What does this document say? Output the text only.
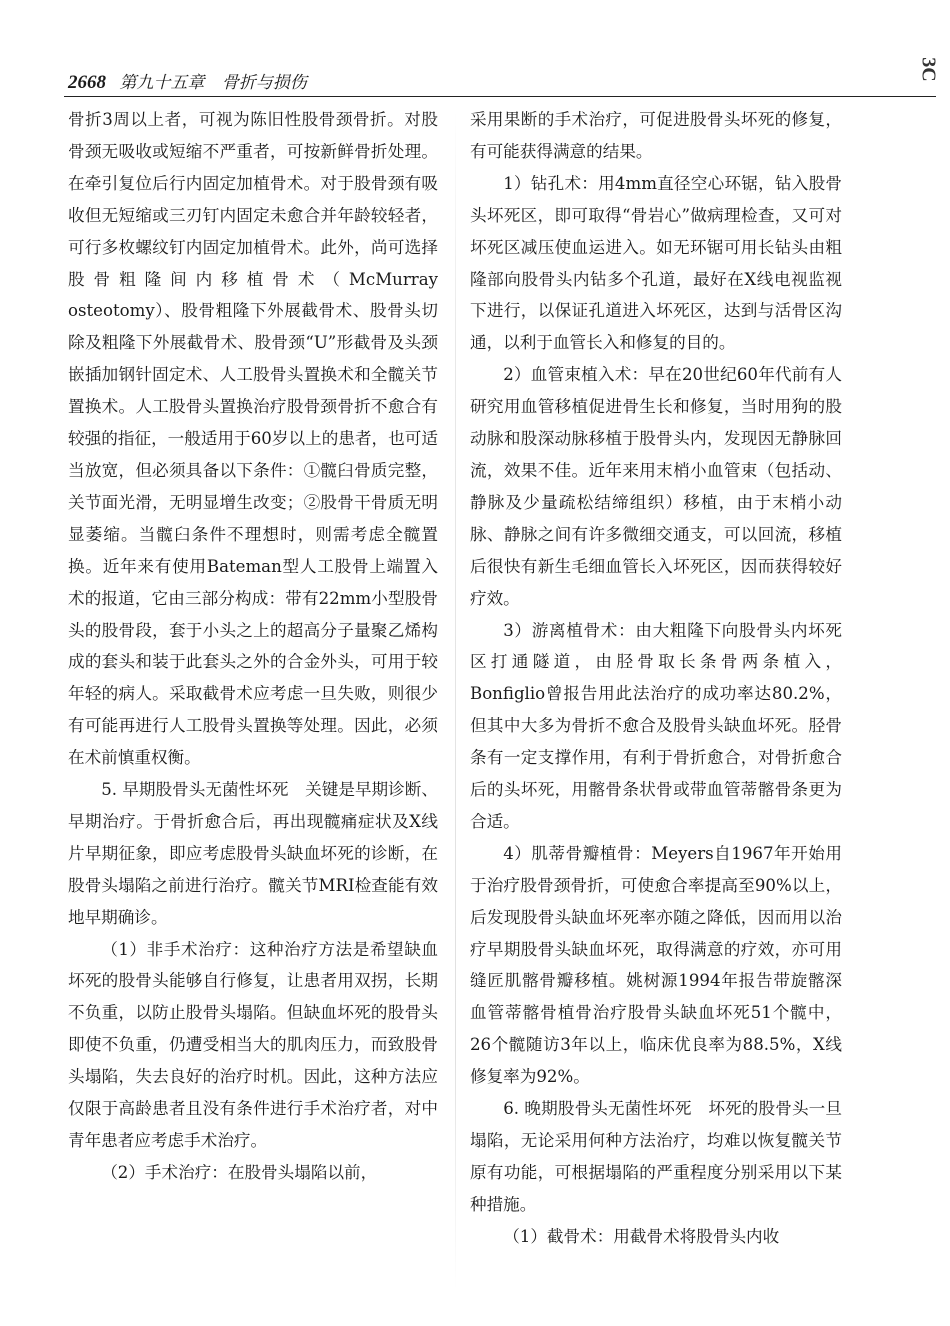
2668 第九十五章 骨折与损伤
3C

骨折3周以上者，可视为陈旧性股骨颈骨折。对股骨颈无吸收或短缩不严重者，可按新鲜骨折处理。在牵引复位后行内固定加植骨术。对于股骨颈有吸收但无短缩或三刃钉内固定未愈合并年龄较轻者，可行多枚螺纹钉内固定加植骨术。此外，尚可选择股骨粗隆间内移植骨术（McMurray osteotomy）、股骨粗隆下外展截骨术、股骨头切除及粗隆下外展截骨术、股骨颈“U”形截骨及头颈嵌插加钢针固定术、人工股骨头置换术和全髋关节置换术。人工股骨头置换治疗股骨颈骨折不愈合有较强的指征，一般适用于60岁以上的患者，也可适当放宽，但必须具备以下条件：①髋臼骨质完整，关节面光滑，无明显增生改变；②股骨干骨质无明显萎缩。当髋臼条件不理想时，则需考虑全髋置换。近年来有使用Bateman型人工股骨上端置入术的报道，它由三部分构成：带有22mm小型股骨头的股骨段，套于小头之上的超高分子量聚乙烯构成的套头和装于此套头之外的合金外头，可用于较年轻的病人。采取截骨术应考虑一旦失败，则很少有可能再进行人工股骨头置换等处理。因此，必须在术前慎重权衡。

5. 早期股骨头无菌性坏死　关键是早期诊断、早期治疗。于骨折愈合后，再出现髋痛症状及X线片早期征象，即应考虑股骨头缺血坏死的诊断，在股骨头塌陷之前进行治疗。髋关节MRI检查能有效地早期确诊。

（1）非手术治疗：这种治疗方法是希望缺血坏死的股骨头能够自行修复，让患者用双拐，长期不负重，以防止股骨头塌陷。但缺血坏死的股骨头即使不负重，仍遭受相当大的肌肉压力，而致股骨头塌陷，失去良好的治疗时机。因此，这种方法应仅限于高龄患者且没有条件进行手术治疗者，对中青年患者应考虑手术治疗。

（2）手术治疗：在股骨头塌陷以前，

采用果断的手术治疗，可促进股骨头坏死的修复，有可能获得满意的结果。

1）钻孔术：用4mm直径空心环锯，钻入股骨头坏死区，即可取得“骨岩心”做病理检查，又可对坏死区减压使血运进入。如无环锯可用长钻头由粗隆部向股骨头内钻多个孔道，最好在X线电视监视下进行，以保证孔道进入坏死区，达到与活骨区沟通，以利于血管长入和修复的目的。

2）血管束植入术：早在20世纪60年代前有人研究用血管移植促进骨生长和修复，当时用狗的股动脉和股深动脉移植于股骨头内，发现因无静脉回流，效果不佳。近年来用末梢小血管束（包括动、静脉及少量疏松结缔组织）移植，由于末梢小动脉、静脉之间有许多微细交通支，可以回流，移植后很快有新生毛细血管长入坏死区，因而获得较好疗效。

3）游离植骨术：由大粗隆下向股骨头内坏死区打通隧道，由胫骨取长条骨两条植入，Bonfiglio曾报告用此法治疗的成功率达80.2%，但其中大多为骨折不愈合及股骨头缺血坏死。胫骨条有一定支撑作用，有利于骨折愈合，对骨折愈合后的头坏死，用髂骨条状骨或带血管蒂髂骨条更为合适。

4）肌蒂骨瓣植骨：Meyers自1967年开始用于治疗股骨颈骨折，可使愈合率提高至90%以上，后发现股骨头缺血坏死率亦随之降低，因而用以治疗早期股骨头缺血坏死，取得满意的疗效，亦可用缝匠肌髂骨瓣移植。姚树源1994年报告带旋髂深血管蒂髂骨植骨治疗股骨头缺血坏死51个髋中，26个髋随访3年以上，临床优良率为88.5%，X线修复率为92%。

6. 晚期股骨头无菌性坏死　坏死的股骨头一旦塌陷，无论采用何种方法治疗，均难以恢复髋关节原有功能，可根据塌陷的严重程度分别采用以下某种措施。

（1）截骨术：用截骨术将股骨头内收
